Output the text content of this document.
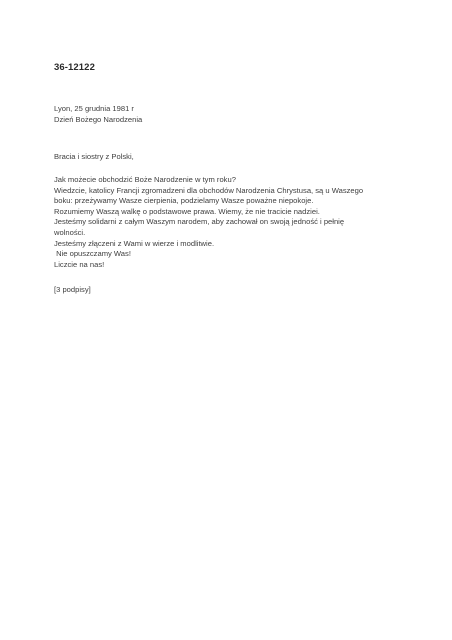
36-12122
Lyon, 25 grudnia 1981 r
Dzień Bożego Narodzenia
Bracia i siostry z Polski,
Jak możecie obchodzić Boże Narodzenie w tym roku?
Wiedzcie, katolicy Francji zgromadzeni dla obchodów Narodzenia Chrystusa, są u Waszego
boku: przeżywamy Wasze cierpienia, podzielamy Wasze poważne niepokoje.
Rozumiemy Waszą walkę o podstawowe prawa. Wiemy, że nie tracicie nadziei.
Jesteśmy solidarni z całym Waszym narodem, aby zachował on swoją jedność i pełnię
wolności.
Jesteśmy złączeni z Wami w wierze i modlitwie.
Nie opuszczamy Was!
Liczcie na nas!
[3 podpisy]
